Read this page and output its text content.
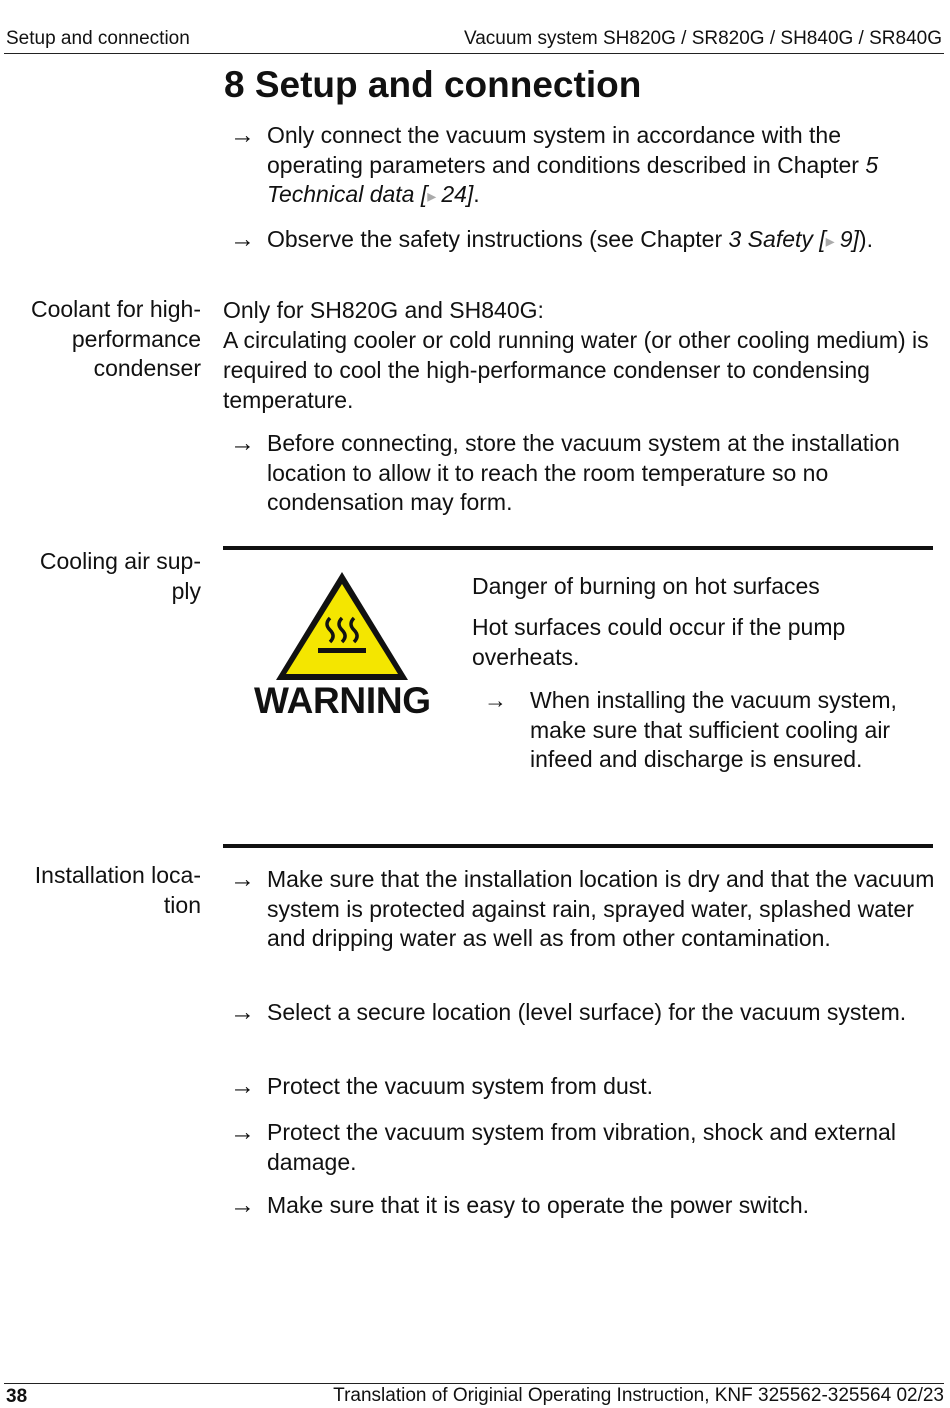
Setup and connection	Vacuum system SH820G / SR820G / SH840G / SR840G
8 Setup and connection
→ Only connect the vacuum system in accordance with the operating parameters and conditions described in Chapter 5 Technical data [▸ 24].
→ Observe the safety instructions (see Chapter 3 Safety [▸ 9]).
Coolant for high-
performance
condenser
Only for SH820G and SH840G:
A circulating cooler or cold running water (or other cooling medium) is required to cool the high-performance condenser to condensing temperature.
→ Before connecting, store the vacuum system at the installation location to allow it to reach the room temperature so no condensation may form.
Cooling air sup-
ply
WARNING
Danger of burning on hot surfaces
Hot surfaces could occur if the pump overheats.
→ When installing the vacuum system, make sure that sufficient cooling air infeed and discharge is ensured.
Installation loca-
tion
→ Make sure that the installation location is dry and that the vacuum system is protected against rain, sprayed water, splashed water and dripping water as well as from other contamination.
→ Select a secure location (level surface) for the vacuum system.
→ Protect the vacuum system from dust.
→ Protect the vacuum system from vibration, shock and external damage.
→ Make sure that it is easy to operate the power switch.
38	Translation of Originial Operating Instruction, KNF 325562-325564 02/23
